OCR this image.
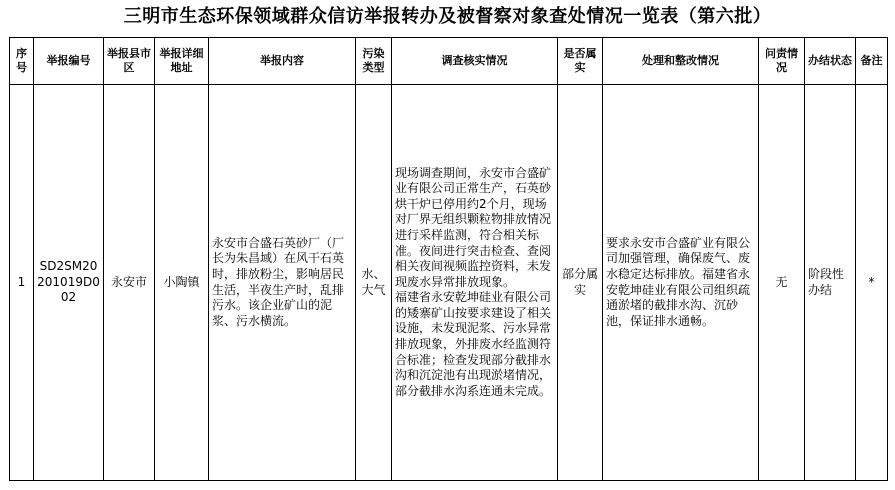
三明市生态环保领域群众信访举报转办及被督察对象查处情况一览表（第六批）
序号	举报编号	举报县市区	举报详细地址	举报内容	污染类型	调查核实情况	是否属实	处理和整改情况	问责情况	办结状态	备注
1	SD2SM20201019D002	永安市	小陶镇	永安市合盛石英砂厂（厂长为朱昌域）在风干石英时，排放粉尘，影响居民生活，半夜生产时，乱排污水。该企业矿山的泥浆、污水横流。	水、大气	现场调查期间，永安市合盛矿业有限公司正常生产，石英砂烘干炉已停用约2个月，现场对厂界无组织颗粒物排放情况进行采样监测，符合相关标准。夜间进行突击检查、查阅相关夜间视频监控资料，未发现废水异常排放现象。
福建省永安乾坤硅业有限公司的矮寨矿山按要求建设了相关设施，未发现泥浆、污水异常排放现象，外排废水经监测符合标准；检查发现部分截排水沟和沉淀池有出现淤堵情况，部分截排水沟系连通未完成。	部分属实	要求永安市合盛矿业有限公司加强管理，确保废气、废水稳定达标排放。福建省永安乾坤硅业有限公司组织疏通淤堵的截排水沟、沉砂池，保证排水通畅。	无	阶段性办结	*
